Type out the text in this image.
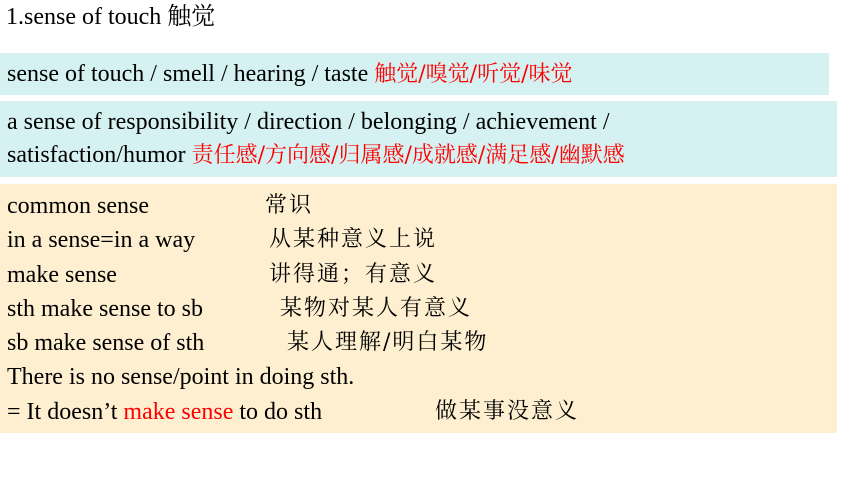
1.sense of touch 触觉
sense of touch / smell / hearing / taste 触觉/嗅觉/听觉/味觉
a sense of responsibility / direction / belonging / achievement /
satisfaction/humor 责任感/方向感/归属感/成就感/满足感/幽默感
common sense	常识
in a sense=in a way	从某种意义上说
make sense	讲得通；有意义
sth make sense to sb	某物对某人有意义
sb make sense of sth	某人理解/明白某物
There is no sense/point in doing sth.
= It doesn’t make sense to do sth	做某事没意义
